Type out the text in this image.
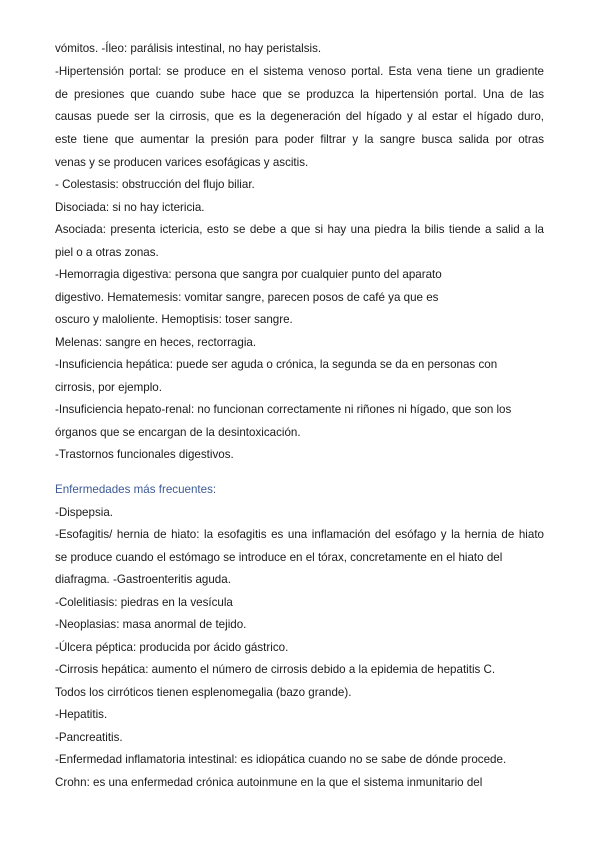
vómitos. -Íleo: parálisis intestinal, no hay peristalsis.
-Hipertensión portal: se produce en el sistema venoso portal. Esta vena tiene un gradiente
de presiones que cuando sube hace que se produzca la hipertensión portal. Una de las
causas puede ser la cirrosis, que es la degeneración del hígado y al estar el hígado duro,
este tiene que aumentar la presión para poder filtrar y la sangre busca salida por otras
venas y se producen varices esofágicas y ascitis.
- Colestasis: obstrucción del flujo biliar.
Disociada: si no hay ictericia.
Asociada: presenta ictericia, esto se debe a que si hay una piedra la bilis tiende a salid a la
piel o a otras zonas.
-Hemorragia digestiva: persona que sangra por cualquier punto del aparato
digestivo. Hematemesis: vomitar sangre, parecen posos de café ya que es
oscuro y maloliente. Hemoptisis: toser sangre.
Melenas: sangre en heces, rectorragia.
-Insuficiencia hepática: puede ser aguda o crónica, la segunda se da en personas con
cirrosis, por ejemplo.
-Insuficiencia hepato-renal: no funcionan correctamente ni riñones ni hígado, que son los
órganos que se encargan de la desintoxicación.
-Trastornos funcionales digestivos.
Enfermedades más frecuentes:
-Dispepsia.
-Esofagitis/ hernia de hiato: la esofagitis es una inflamación del esófago y la hernia de hiato
se produce cuando el estómago se introduce en el tórax, concretamente en el hiato del
diafragma. -Gastroenteritis aguda.
-Colelitiasis: piedras en la vesícula
-Neoplasias: masa anormal de tejido.
-Úlcera péptica: producida por ácido gástrico.
-Cirrosis hepática: aumento el número de cirrosis debido a la epidemia de hepatitis C.
Todos los cirróticos tienen esplenomegalia (bazo grande).
-Hepatitis.
-Pancreatitis.
-Enfermedad inflamatoria intestinal: es idiopática cuando no se sabe de dónde procede.
Crohn: es una enfermedad crónica autoinmune en la que el sistema inmunitario del
